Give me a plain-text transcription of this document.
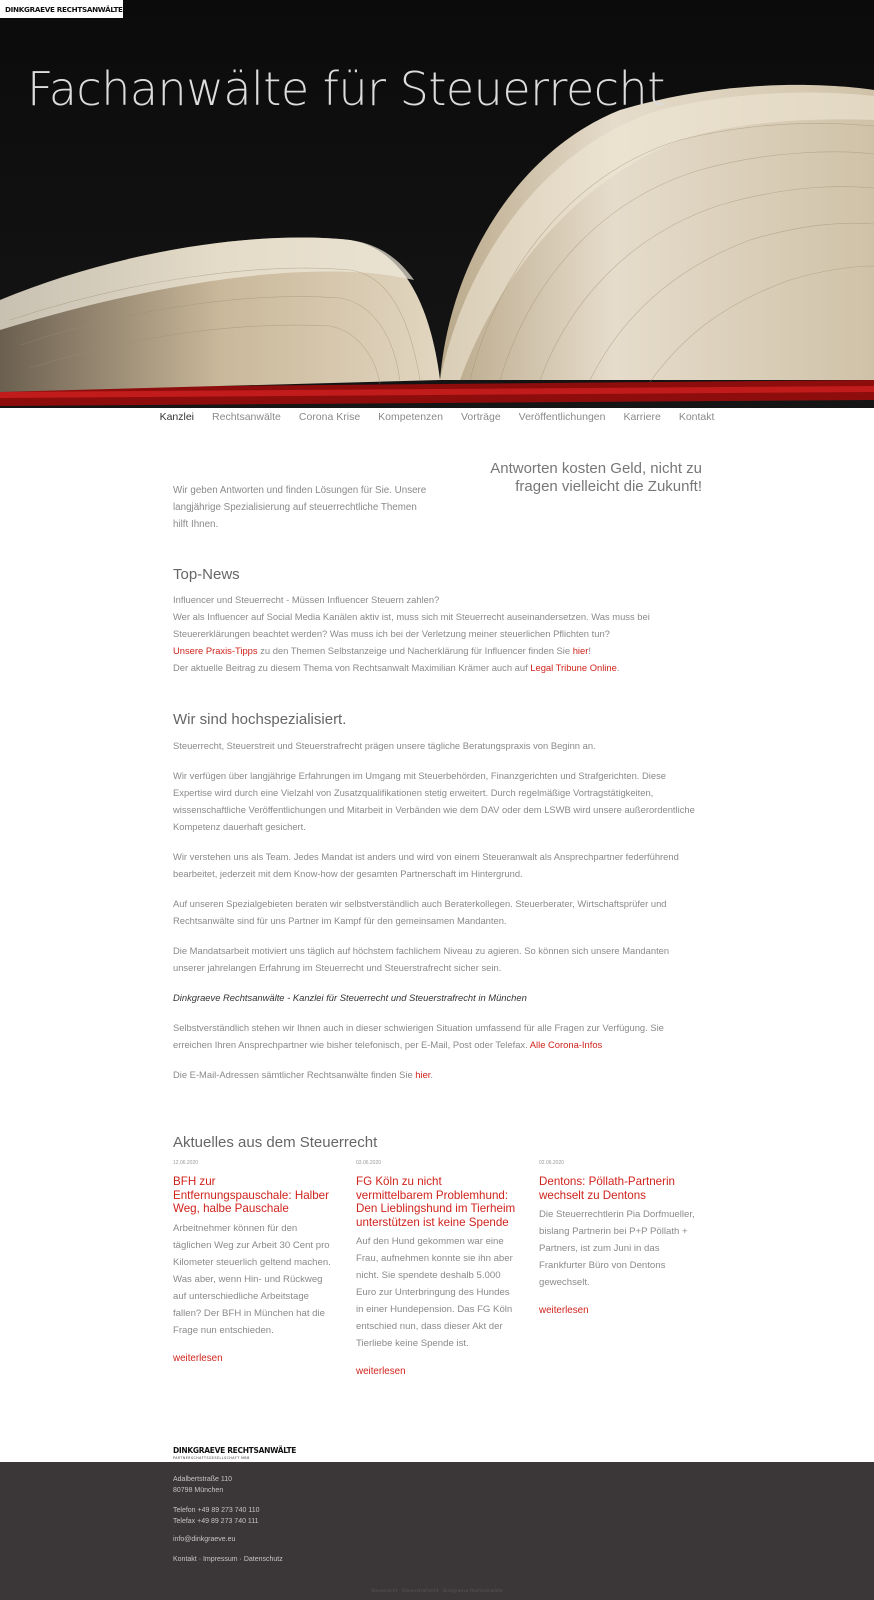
DINKGRAEVE RECHTSANWÄLTE
Fachanwälte für Steuerrecht
Kanzlei Rechtsanwälte Corona Krise Kompetenzen Vorträge Veröffentlichungen Karriere Kontakt
Wir geben Antworten und finden Lösungen für Sie. Unsere langjährige Spezialisierung auf steuerrechtliche Themen hilft Ihnen.
Antworten kosten Geld, nicht zu fragen vielleicht die Zukunft!
Top-News

Influencer und Steuerrecht - Müssen Influencer Steuern zahlen?
Wer als Influencer auf Social Media Kanälen aktiv ist, muss sich mit Steuerrecht auseinandersetzen. Was muss bei Steuererklärungen beachtet werden? Was muss ich bei der Verletzung meiner steuerlichen Pflichten tun?
Unsere Praxis-Tipps zu den Themen Selbstanzeige und Nacherklärung für Influencer finden Sie hier!
Der aktuelle Beitrag zu diesem Thema von Rechtsanwalt Maximilian Krämer auch auf Legal Tribune Online.

Wir sind hochspezialisiert.

Steuerrecht, Steuerstreit und Steuerstrafrecht prägen unsere tägliche Beratungspraxis von Beginn an.

Wir verfügen über langjährige Erfahrungen im Umgang mit Steuerbehörden, Finanzgerichten und Strafgerichten. Diese Expertise wird durch eine Vielzahl von Zusatzqualifikationen stetig erweitert. Durch regelmäßige Vortragstätigkeiten, wissenschaftliche Veröffentlichungen und Mitarbeit in Verbänden wie dem DAV oder dem LSWB wird unsere außerordentliche Kompetenz dauerhaft gesichert.

Wir verstehen uns als Team. Jedes Mandat ist anders und wird von einem Steueranwalt als Ansprechpartner federführend bearbeitet, jederzeit mit dem Know-how der gesamten Partnerschaft im Hintergrund.

Auf unseren Spezialgebieten beraten wir selbstverständlich auch Beraterkollegen. Steuerberater, Wirtschaftsprüfer und Rechtsanwälte sind für uns Partner im Kampf für den gemeinsamen Mandanten.

Die Mandatsarbeit motiviert uns täglich auf höchstem fachlichem Niveau zu agieren. So können sich unsere Mandanten unserer jahrelangen Erfahrung im Steuerrecht und Steuerstrafrecht sicher sein.

Dinkgraeve Rechtsanwälte - Kanzlei für Steuerrecht und Steuerstrafrecht in München

Selbstverständlich stehen wir Ihnen auch in dieser schwierigen Situation umfassend für alle Fragen zur Verfügung. Sie erreichen Ihren Ansprechpartner wie bisher telefonisch, per E-Mail, Post oder Telefax. Alle Corona-Infos

Die E-Mail-Adressen sämtlicher Rechtsanwälte finden Sie hier.

Aktuelles aus dem Steuerrecht
12.06.2020
BFH zur Entfernungspauschale: Halber Weg, halbe Pauschale
Arbeitnehmer können für den täglichen Weg zur Arbeit 30 Cent pro Kilometer steuerlich geltend machen. Was aber, wenn Hin- und Rückweg auf unterschiedliche Arbeitstage fallen? Der BFH in München hat die Frage nun entschieden.
weiterlesen
03.06.2020
FG Köln zu nicht vermittelbarem Problemhund: Den Lieblingshund im Tierheim unterstützen ist keine Spende
Auf den Hund gekommen war eine Frau, aufnehmen konnte sie ihn aber nicht. Sie spendete deshalb 5.000 Euro zur Unterbringung des Hundes in einer Hundepension. Das FG Köln entschied nun, dass dieser Akt der Tierliebe keine Spende ist.
weiterlesen
02.06.2020
Dentons: Pöllath-Partnerin wechselt zu Dentons
Die Steuerrechtlerin Pia Dorfmueller, bislang Partnerin bei P+P Pöllath + Partners, ist zum Juni in das Frankfurter Büro von Dentons gewechselt.
weiterlesen
DINKGRAEVE RECHTSANWÄLTE
PARTNERSCHAFTSGESELLSCHAFT MBB
Adalbertstraße 110
80798 München
Telefon +49 89 273 740 110
Telefax +49 89 273 740 111
info@dinkgraeve.eu
Kontakt · Impressum · Datenschutz
Steuerrecht · Steuerstrafrecht · Dinkgraeve Rechtsanwälte
